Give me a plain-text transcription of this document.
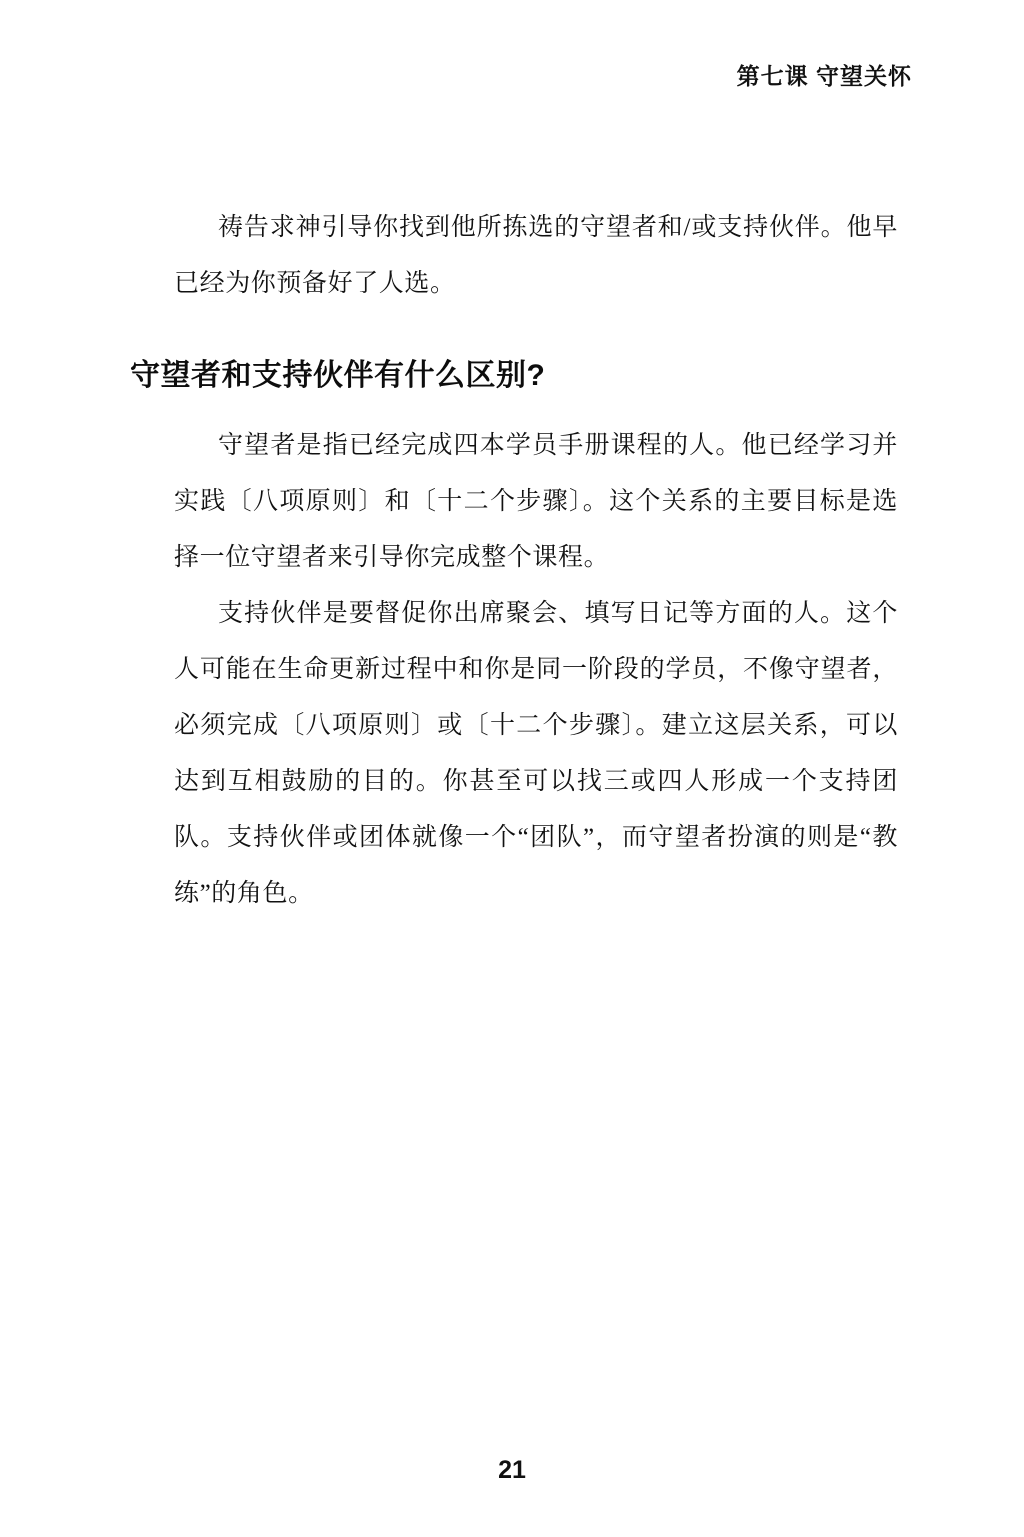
第七课 守望关怀

祷告求神引导你找到他所拣选的守望者和/或支持伙伴。他早已经为你预备好了人选。

守望者和支持伙伴有什么区别?

守望者是指已经完成四本学员手册课程的人。他已经学习并实践〔八项原则〕和〔十二个步骤〕。这个关系的主要目标是选择一位守望者来引导你完成整个课程。

支持伙伴是要督促你出席聚会、填写日记等方面的人。这个人可能在生命更新过程中和你是同一阶段的学员，不像守望者，必须完成〔八项原则〕或〔十二个步骤〕。建立这层关系，可以达到互相鼓励的目的。你甚至可以找三或四人形成一个支持团队。支持伙伴或团体就像一个“团队”，而守望者扮演的则是“教练”的角色。

21
